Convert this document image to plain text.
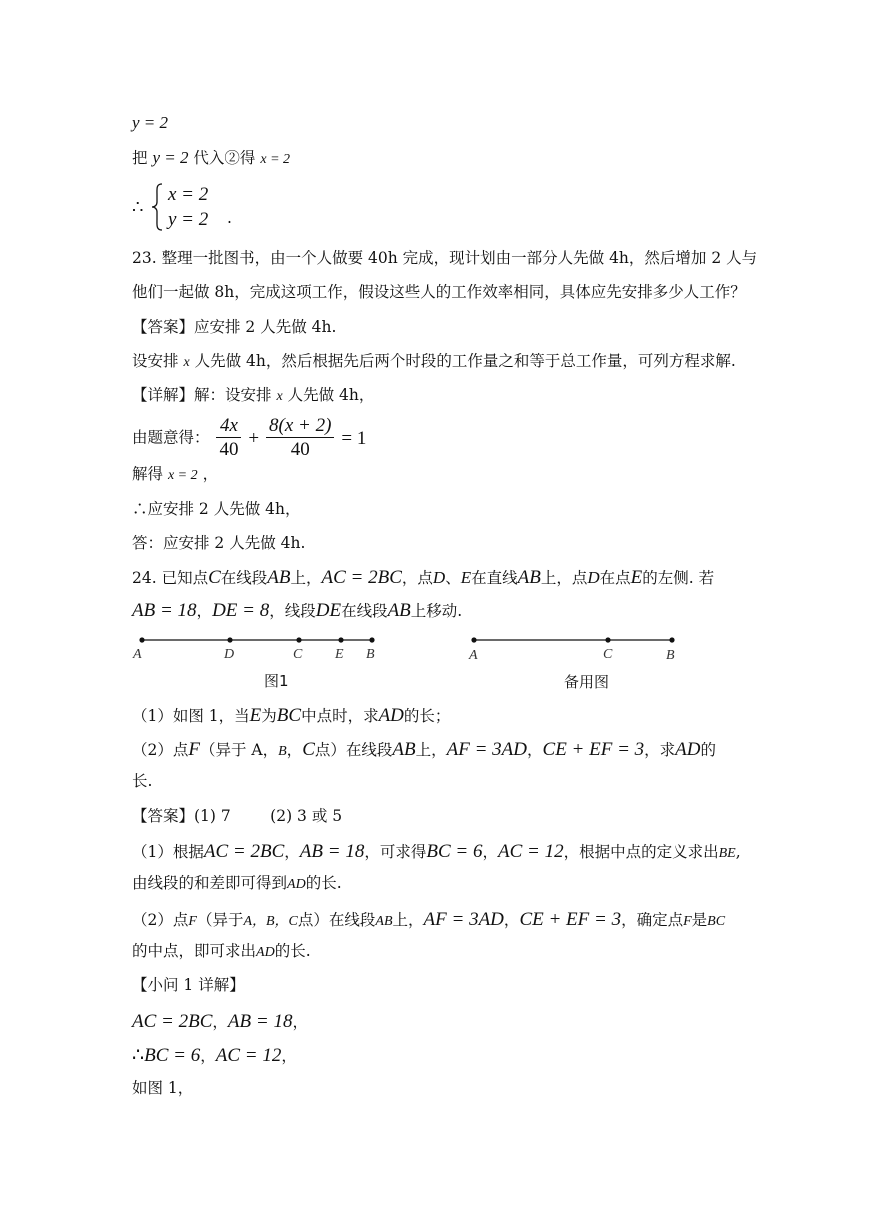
y = 2
把 y = 2 代入②得 x = 2
∴
x = 2
y = 2 .
23. 整理一批图书，由一个人做要 40h 完成，现计划由一部分人先做 4h，然后增加 2 人与
他们一起做 8h，完成这项工作，假设这些人的工作效率相同，具体应先安排多少人工作？
【答案】应安排 2 人先做 4h.
设安排 x 人先做 4h，然后根据先后两个时段的工作量之和等于总工作量，可列方程求解.
【详解】解：设安排 x 人先做 4h，
由题意得： $\frac{4x}{40} + \frac{8(x + 2)}{40} = 1$
解得 x = 2 ，
∴应安排 2 人先做 4h，
答：应安排 2 人先做 4h.
24. 已知点C在线段AB上，AC = 2BC，点D、E在直线AB上，点D在点E的左侧. 若
AB = 18，DE = 8，线段DE在线段AB上移动.
A	D	C E B
图1
A	C	B
备用图
（1）如图 1，当E为BC中点时，求AD的长；
（2）点F（异于 A，B，C点）在线段AB上，AF = 3AD，CE + EF = 3，求AD的
长.
【答案】(1) 7        (2) 3 或 5
（1）根据AC = 2BC，AB = 18，可求得BC = 6，AC = 12，根据中点的定义求出BE,
由线段的和差即可得到AD的长.
（2）点F（异于A，B，C点）在线段AB上，AF = 3AD，CE + EF = 3，确定点F是BC
的中点，即可求出AD的长.
【小问 1 详解】
AC = 2BC，AB = 18，
∴BC = 6，AC = 12，
如图 1，
